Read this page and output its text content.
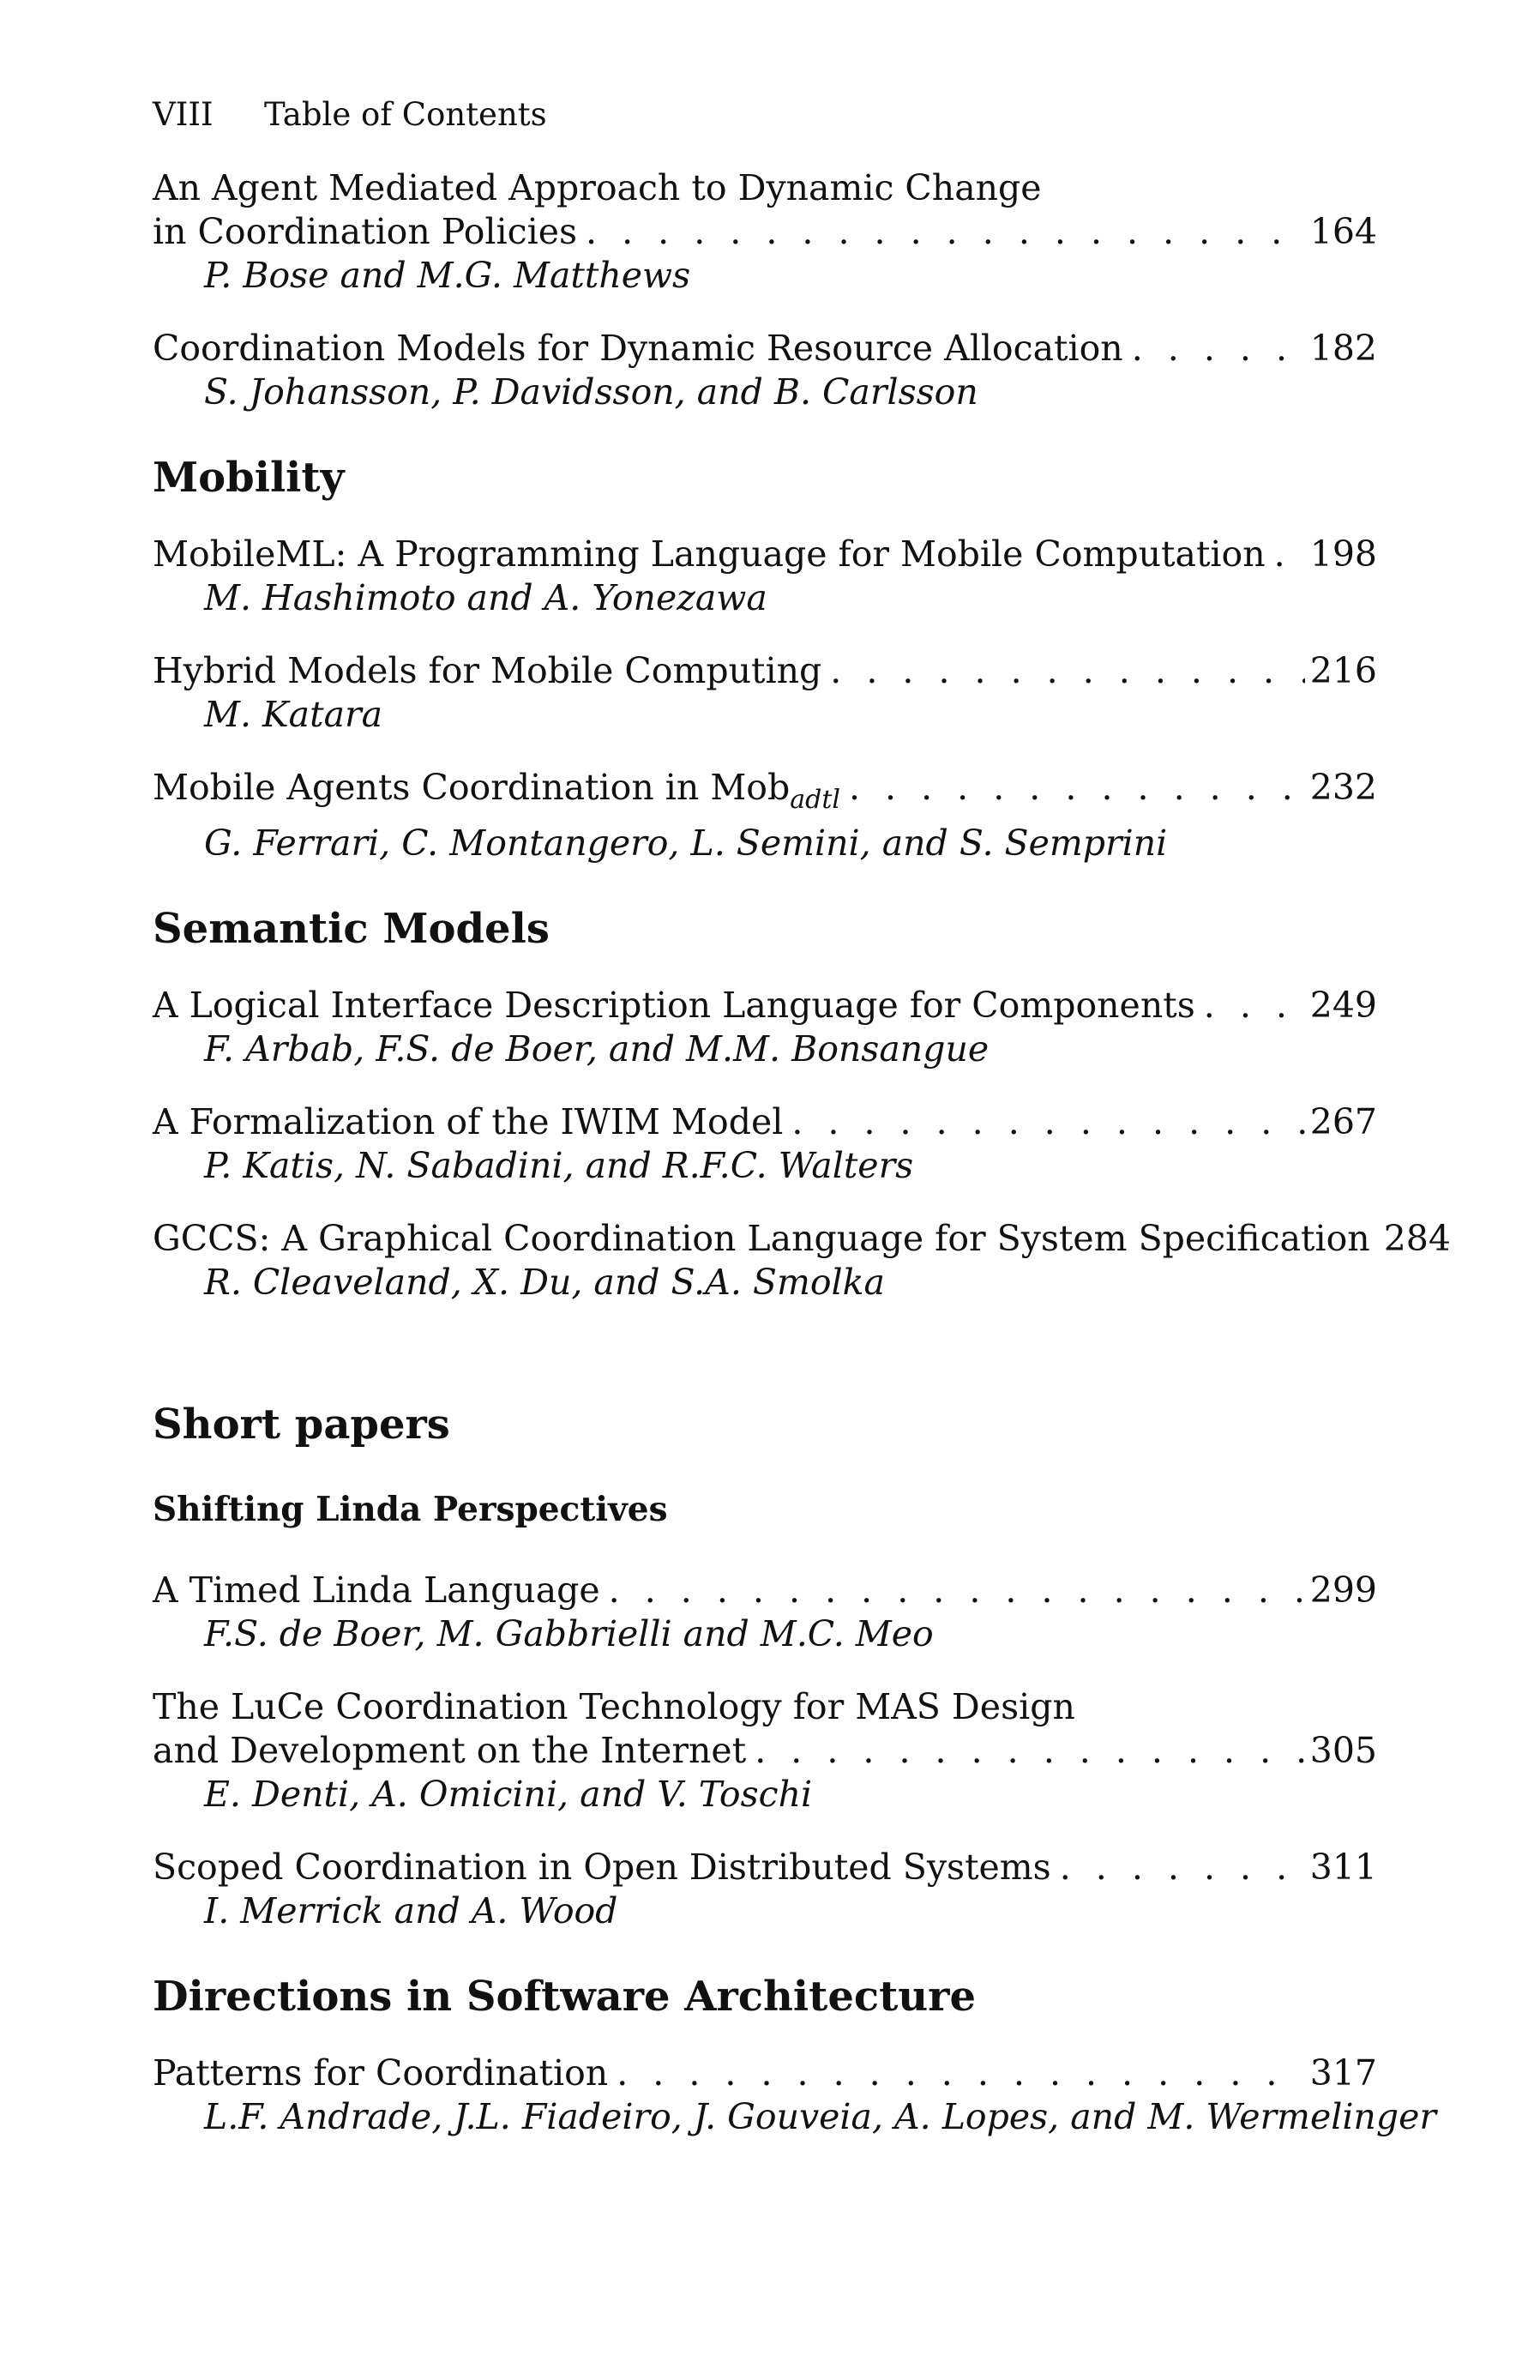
VIII Table of Contents
An Agent Mediated Approach to Dynamic Change
in Coordination Policies . . .	164
P. Bose and M.G. Matthews
Coordination Models for Dynamic Resource Allocation . . .	182
S. Johansson, P. Davidsson, and B. Carlsson
Mobility
MobileML: A Programming Language for Mobile Computation . . . 198
M. Hashimoto and A. Yonezawa
Hybrid Models for Mobile Computing . . .	216
M. Katara
Mobile Agents Coordination in Mob$_{adtl}$ . . .	232
G. Ferrari, C. Montangero, L. Semini, and S. Semprini
Semantic Models
A Logical Interface Description Language for Components . . .	249
F. Arbab, F.S. de Boer, and M.M. Bonsangue
A Formalization of the IWIM Model . . .	267
P. Katis, N. Sabadini, and R.F.C. Walters
GCCS: A Graphical Coordination Language for System Specification 284
R. Cleaveland, X. Du, and S.A. Smolka
Short papers
Shifting Linda Perspectives
A Timed Linda Language . . .	299
F.S. de Boer, M. Gabbrielli and M.C. Meo
The LuCe Coordination Technology for MAS Design
and Development on the Internet . . .	305
E. Denti, A. Omicini, and V. Toschi
Scoped Coordination in Open Distributed Systems . . .	311
I. Merrick and A. Wood
Directions in Software Architecture
Patterns for Coordination . . .	317
L.F. Andrade, J.L. Fiadeiro, J. Gouveia, A. Lopes, and M. Wermelinger
